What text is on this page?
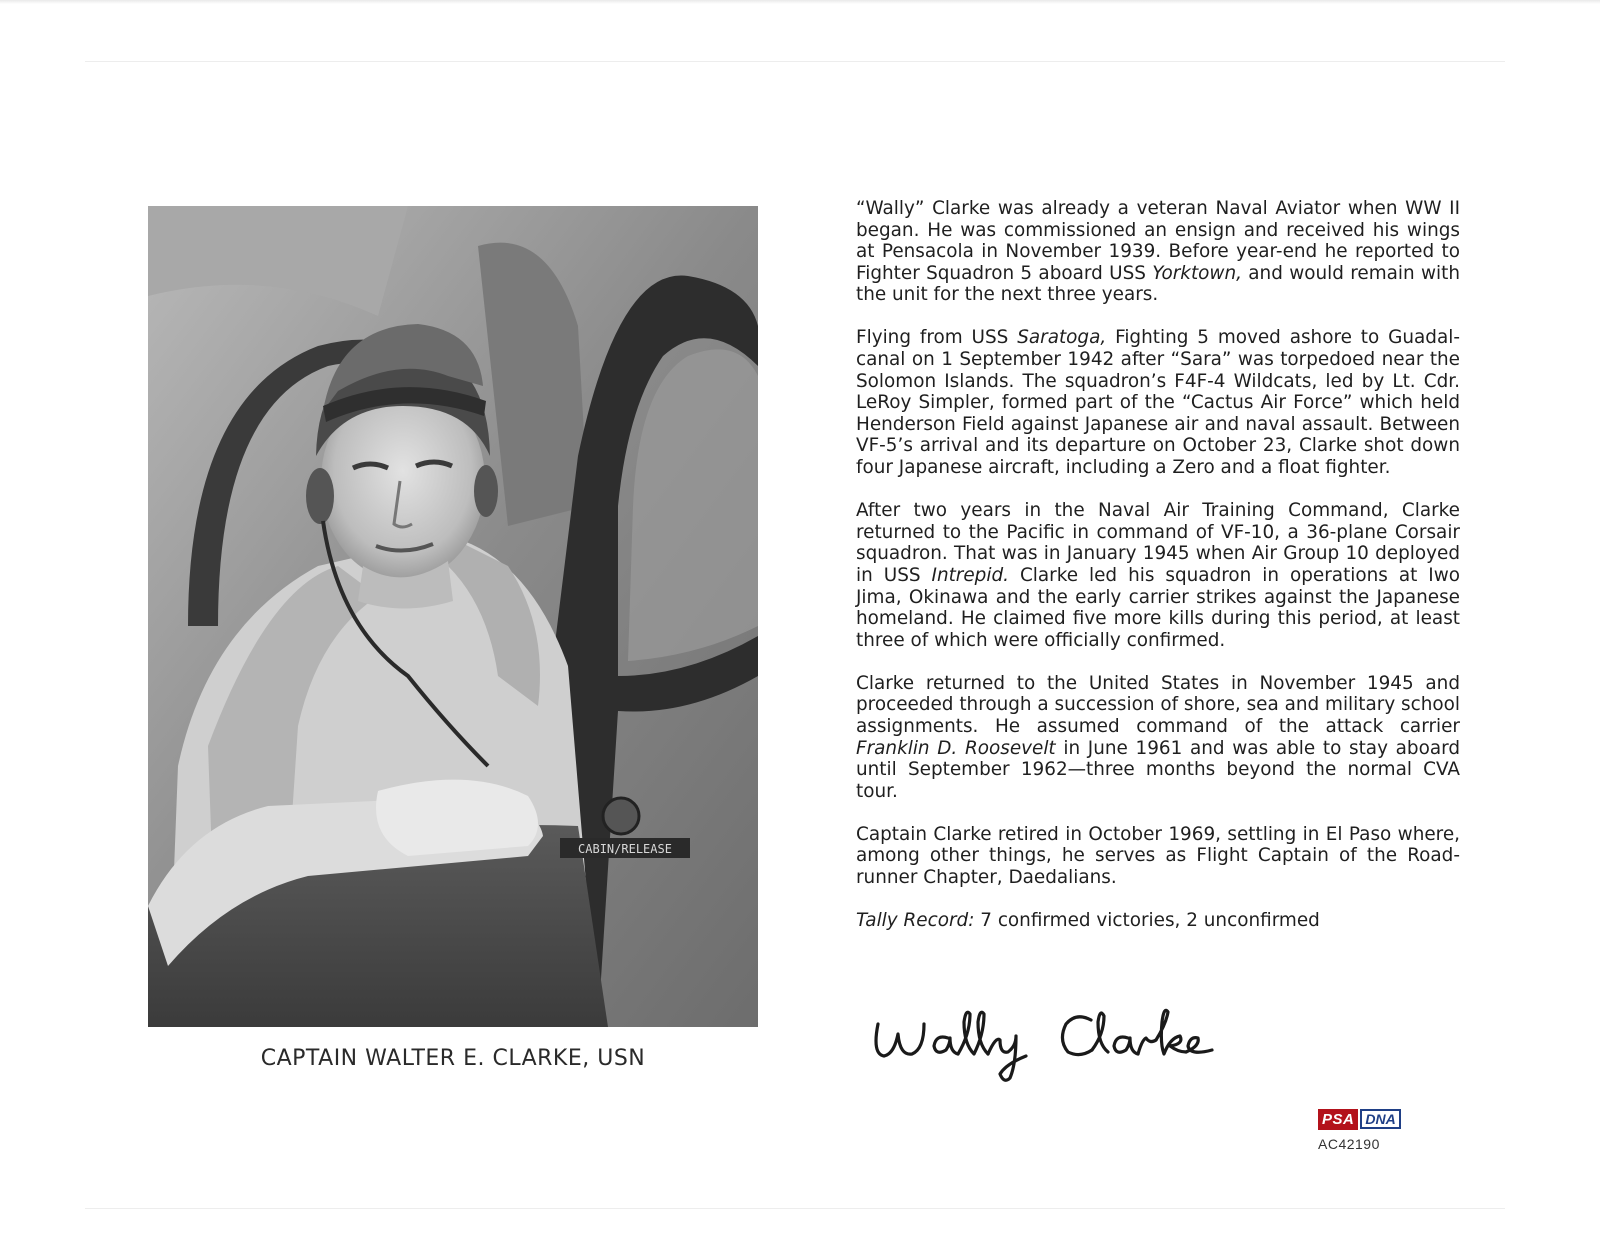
CABIN/RELEASE
CAPTAIN WALTER E. CLARKE, USN

“Wally” Clarke was already a veteran Naval Aviator when WW II began. He was commissioned an ensign and received his wings at Pensacola in November 1939. Before year-end he reported to Fighter Squadron 5 aboard USS Yorktown, and would remain with the unit for the next three years.

Flying from USS Saratoga, Fighting 5 moved ashore to Guadalcanal on 1 September 1942 after “Sara” was torpedoed near the Solomon Islands. The squadron’s F4F-4 Wildcats, led by Lt. Cdr. LeRoy Simpler, formed part of the “Cactus Air Force” which held Henderson Field against Japanese air and naval assault. Between VF-5’s arrival and its departure on October 23, Clarke shot down four Japanese aircraft, including a Zero and a float fighter.

After two years in the Naval Air Training Command, Clarke returned to the Pacific in command of VF-10, a 36-plane Corsair squadron. That was in January 1945 when Air Group 10 deployed in USS Intrepid. Clarke led his squadron in operations at Iwo Jima, Okinawa and the early carrier strikes against the Japanese homeland. He claimed five more kills during this period, at least three of which were officially confirmed.

Clarke returned to the United States in November 1945 and proceeded through a succession of shore, sea and military school assignments. He assumed command of the attack carrier Franklin D. Roosevelt in June 1961 and was able to stay aboard until September 1962—three months beyond the normal CVA tour.

Captain Clarke retired in October 1969, settling in El Paso where, among other things, he serves as Flight Captain of the Roadrunner Chapter, Daedalians.

Tally Record: 7 confirmed victories, 2 unconfirmed

PSA DNA
AC42190
